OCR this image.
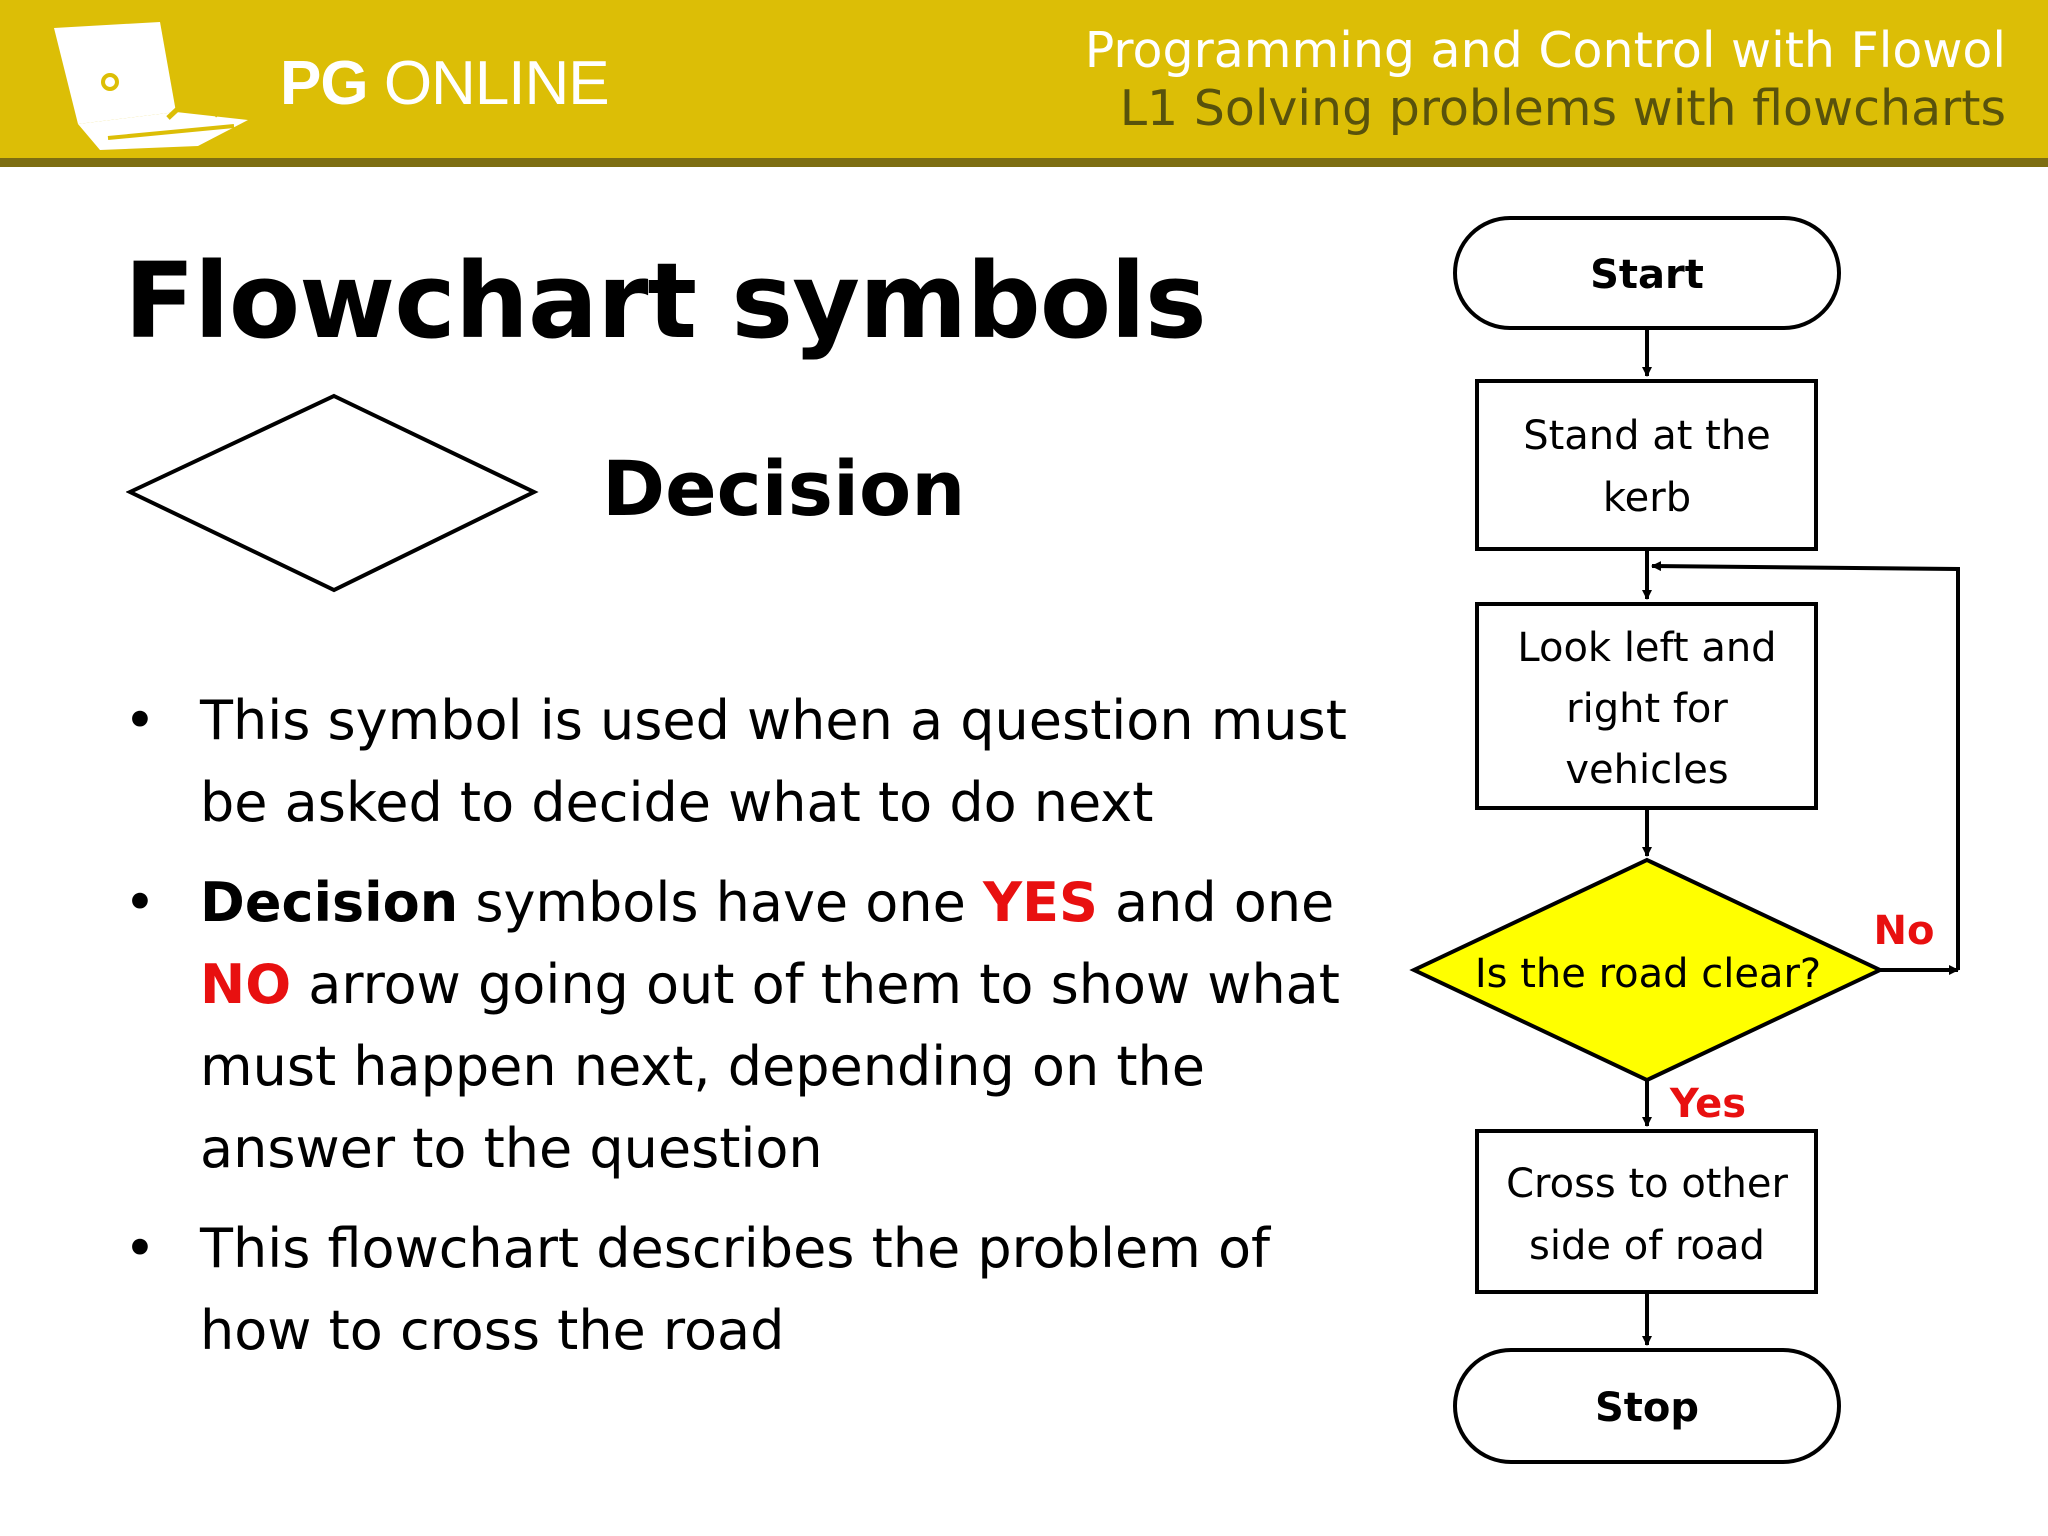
PG ONLINE	Programming and Control with Flowol
L1 Solving problems with flowcharts
Flowchart symbols
Decision
• This symbol is used when a question must be asked to decide what to do next
• Decision symbols have one YES and one NO arrow going out of them to show what must happen next, depending on the answer to the question
• This flowchart describes the problem of how to cross the road
Start
Stand at the
kerb
Look left and
right for
vehicles
Is the road clear?
No
Yes
Cross to other
side of road
Stop
